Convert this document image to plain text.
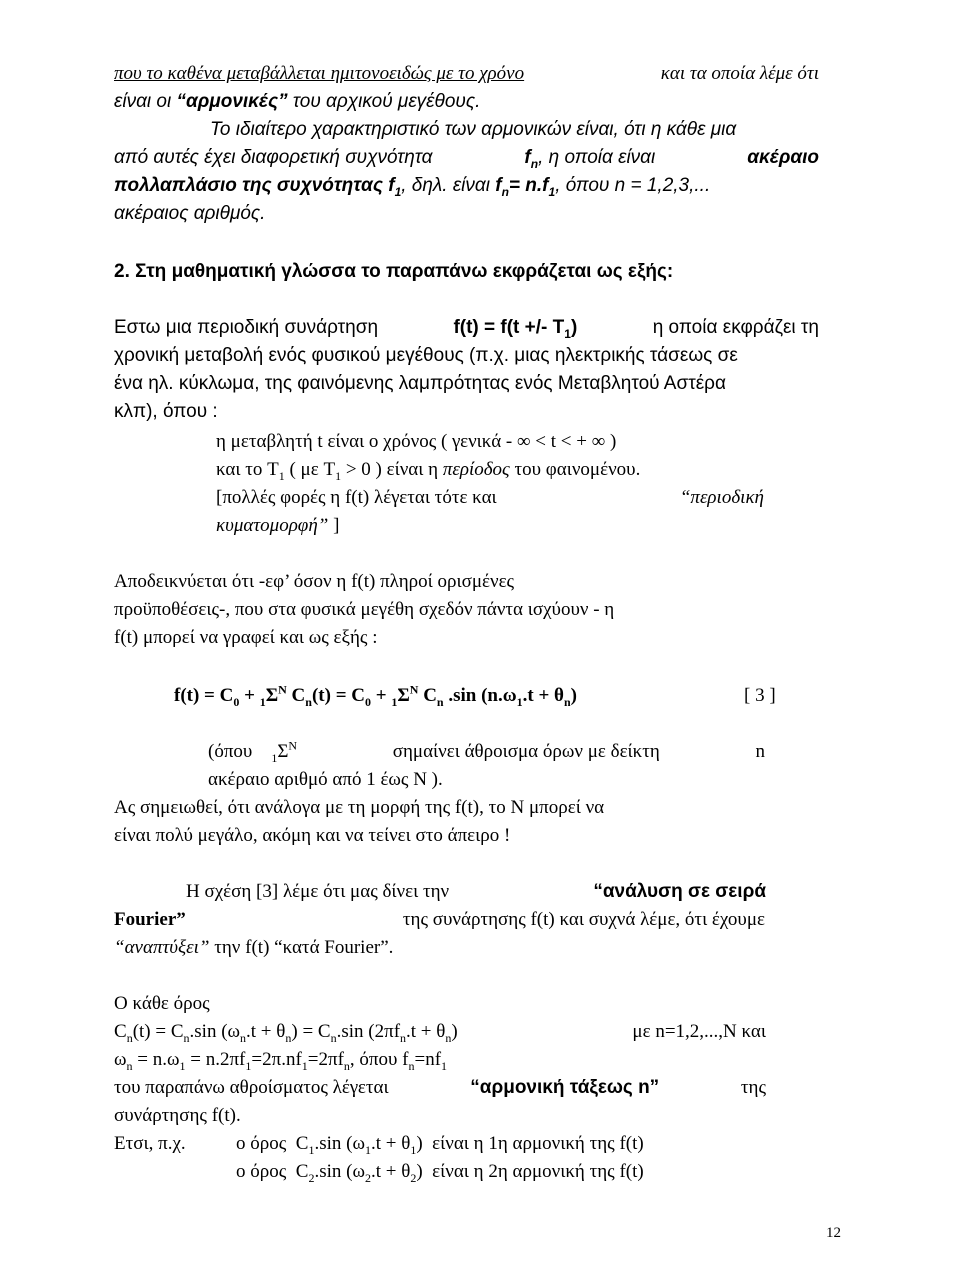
που το καθένα μεταβάλλεται ημιτονοειδώς με το χρόνο	και τα οποία λέμε ότι
είναι οι “αρμονικές” του αρχικού μεγέθους.
Το ιδιαίτερο χαρακτηριστικό των αρμονικών είναι, ότι η κάθε μια
από αυτές έχει διαφορετική συχνότητα	$f_n$, η οποία είναι	ακέραιο
πολλαπλάσιο της συχνότητας $f_1$, δηλ. είναι $f_n= n.f_1$, όπου n = 1,2,3,...
ακέραιος αριθμός.
2. Στη μαθηματική γλώσσα το παραπάνω εκφράζεται ως εξής:
Εστω μια περιοδική συνάρτηση	f(t) = f(t +/- $T_1$)	η οποία εκφράζει τη
χρονική μεταβολή ενός φυσικού μεγέθους (π.χ. μιας ηλεκτρικής τάσεως σε
ένα ηλ. κύκλωμα, της φαινόμενης λαμπρότητας ενός Μεταβλητού Αστέρα
κλπ), όπου :
η μεταβλητή t είναι ο χρόνος ( γενικά - ∞ < t < + ∞ )
και το $T_1$ ( με $T_1 > 0$ ) είναι η περίοδος του φαινομένου.
[πολλές φορές η f(t) λέγεται τότε και	“περιοδική
κυματομορφή” ]
Αποδεικνύεται ότι -εφ’ όσον η f(t) πληροί ορισμένες
προϋποθέσεις-, που στα φυσικά μεγέθη σχεδόν πάντα ισχύουν - η
f(t) μπορεί να γραφεί και ως εξής :
$f(t) = C_0 + _1\Sigma^N$ $C_n(t) = C_0 + _1\Sigma^N$ $C_n$ .sin $(n.\omega_1.t + \theta_n)$	[ 3 ]
(όπου $_1\Sigma^N$	σημαίνει άθροισμα όρων με δείκτη	n
ακέραιο αριθμό από 1 έως N ).
Ας σημειωθεί, ότι ανάλογα με τη μορφή της f(t), το N μπορεί να
είναι πολύ μεγάλο, ακόμη και να τείνει στο άπειρο !
Η σχέση [3] λέμε ότι μας δίνει την	“ανάλυση σε σειρά
Fourier”	της συνάρτησης f(t) και συχνά λέμε, ότι έχουμε
“αναπτύξει” την f(t) “κατά Fourier”.
Ο κάθε όρος
$C_n(t) = C_n.\sin$ $(\omega_n.t + \theta_n) = C_n.\sin$ $(2\pi f_n.t + \theta_n)$	με n=1,2,...,N και
$\omega_n = n.\omega_1 = n.2\pi f_1=2\pi.nf_1=2\pi f_n$, όπου $f_n=nf_1$
του παραπάνω αθροίσματος λέγεται	“αρμονική τάξεως n”	της
συνάρτησης f(t).
Ετσι, π.χ.	ο όρος  $C_1.\sin$ $(\omega_1.t + \theta_1)$  είναι η 1η αρμονική της f(t)
ο όρος  $C_2.\sin$ $(\omega_2.t + \theta_2)$  είναι η 2η αρμονική της f(t)
12
